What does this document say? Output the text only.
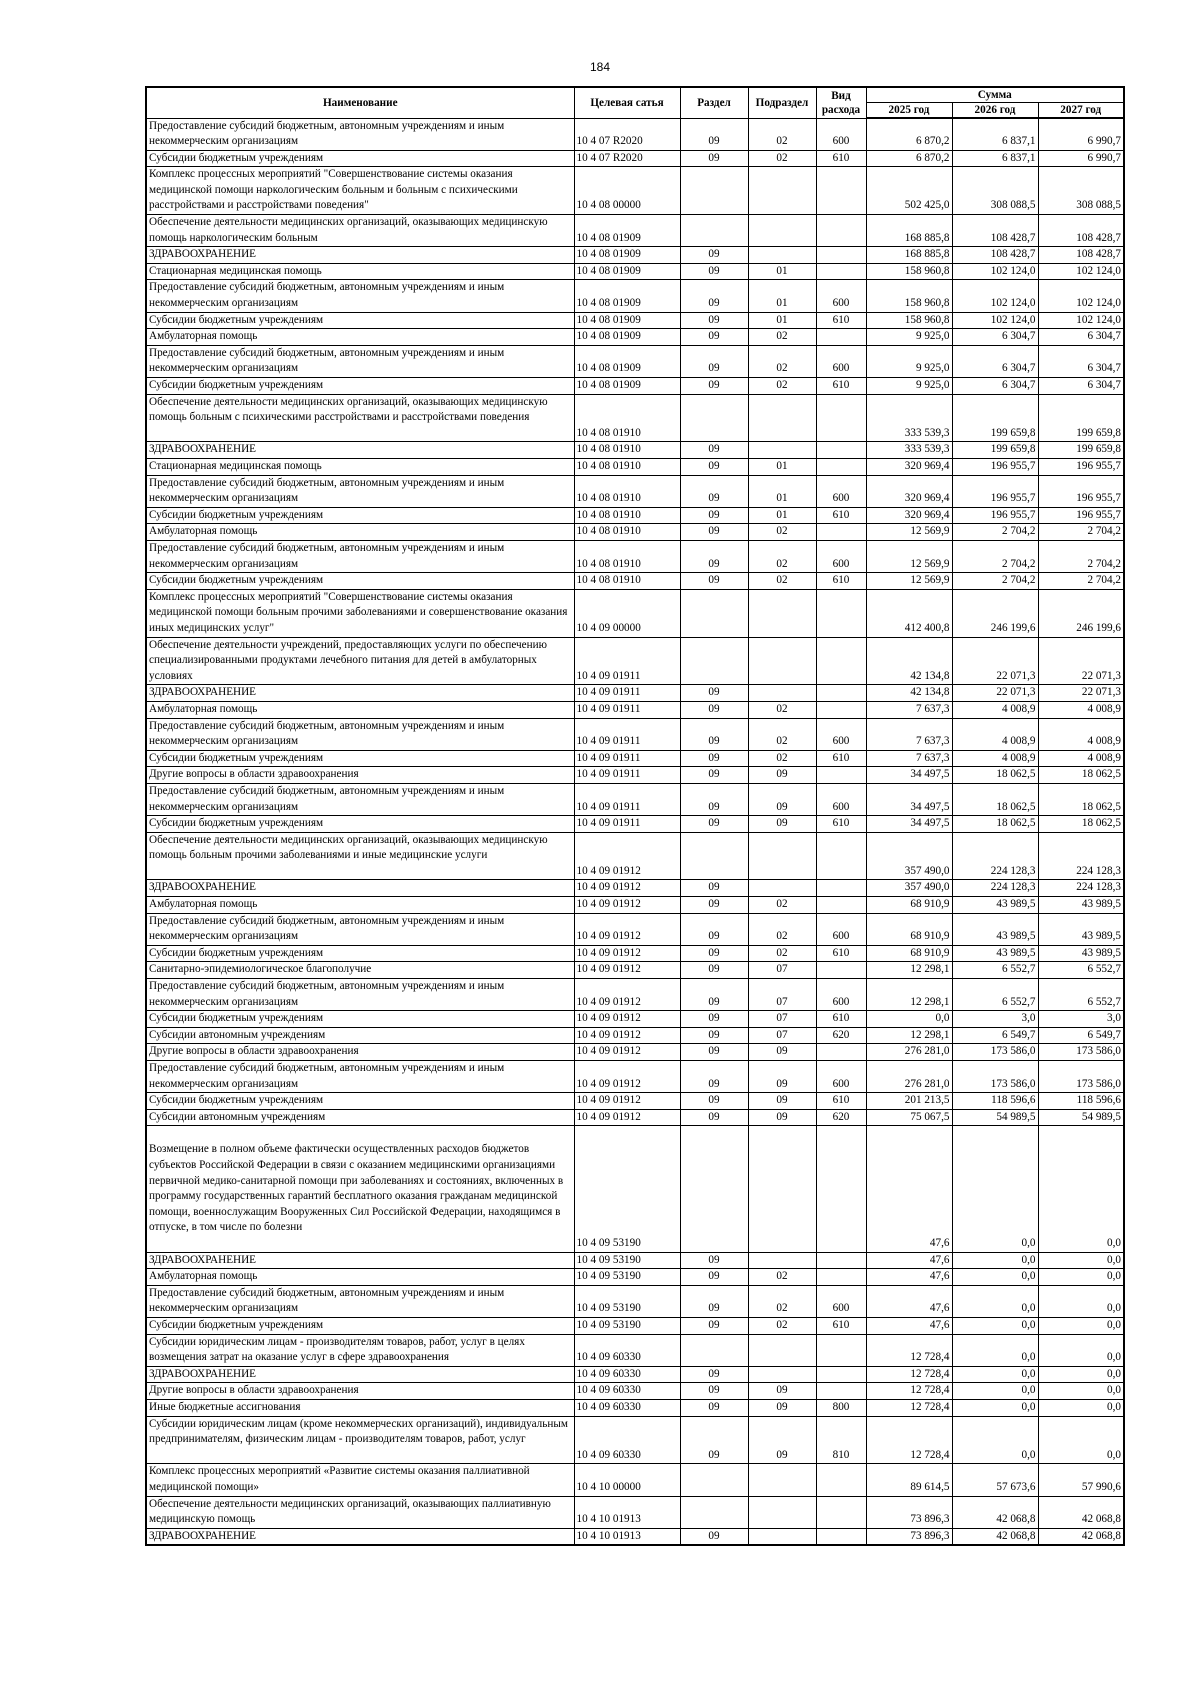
184
Наименование	Целевая сатья	Раздел	Подраздел	Вид расхода	Сумма		
					2025 год	2026 год	2027 год
Предоставление субсидий бюджетным, автономным учреждениям и иным некоммерческим организациям	10 4 07 R2020	09	02	600	6 870,2	6 837,1	6 990,7
Субсидии бюджетным учреждениям	10 4 07 R2020	09	02	610	6 870,2	6 837,1	6 990,7
Комплекс процессных мероприятий "Совершенствование системы оказания медицинской помощи наркологическим больным и больным с психическими расстройствами и расстройствами поведения"	10 4 08 00000				502 425,0	308 088,5	308 088,5
Обеспечение деятельности медицинских организаций, оказывающих медицинскую помощь наркологическим больным	10 4 08 01909				168 885,8	108 428,7	108 428,7
ЗДРАВООХРАНЕНИЕ	10 4 08 01909	09			168 885,8	108 428,7	108 428,7
Стационарная медицинская помощь	10 4 08 01909	09	01		158 960,8	102 124,0	102 124,0
Предоставление субсидий бюджетным, автономным учреждениям и иным некоммерческим организациям	10 4 08 01909	09	01	600	158 960,8	102 124,0	102 124,0
Субсидии бюджетным учреждениям	10 4 08 01909	09	01	610	158 960,8	102 124,0	102 124,0
Амбулаторная помощь	10 4 08 01909	09	02		9 925,0	6 304,7	6 304,7
Предоставление субсидий бюджетным, автономным учреждениям и иным некоммерческим организациям	10 4 08 01909	09	02	600	9 925,0	6 304,7	6 304,7
Субсидии бюджетным учреждениям	10 4 08 01909	09	02	610	9 925,0	6 304,7	6 304,7
Обеспечение деятельности медицинских организаций, оказывающих медицинскую помощь больным с психическими расстройствами и расстройствами поведения	10 4 08 01910				333 539,3	199 659,8	199 659,8
ЗДРАВООХРАНЕНИЕ	10 4 08 01910	09			333 539,3	199 659,8	199 659,8
Стационарная медицинская помощь	10 4 08 01910	09	01		320 969,4	196 955,7	196 955,7
Предоставление субсидий бюджетным, автономным учреждениям и иным некоммерческим организациям	10 4 08 01910	09	01	600	320 969,4	196 955,7	196 955,7
Субсидии бюджетным учреждениям	10 4 08 01910	09	01	610	320 969,4	196 955,7	196 955,7
Амбулаторная помощь	10 4 08 01910	09	02		12 569,9	2 704,2	2 704,2
Предоставление субсидий бюджетным, автономным учреждениям и иным некоммерческим организациям	10 4 08 01910	09	02	600	12 569,9	2 704,2	2 704,2
Субсидии бюджетным учреждениям	10 4 08 01910	09	02	610	12 569,9	2 704,2	2 704,2
Комплекс процессных мероприятий "Совершенствование системы оказания медицинской помощи больным прочими заболеваниями и совершенствование оказания иных медицинских услуг"	10 4 09 00000				412 400,8	246 199,6	246 199,6
Обеспечение деятельности учреждений, предоставляющих услуги по обеспечению специализированными продуктами лечебного питания для детей в амбулаторных условиях	10 4 09 01911				42 134,8	22 071,3	22 071,3
ЗДРАВООХРАНЕНИЕ	10 4 09 01911	09			42 134,8	22 071,3	22 071,3
Амбулаторная помощь	10 4 09 01911	09	02		7 637,3	4 008,9	4 008,9
Предоставление субсидий бюджетным, автономным учреждениям и иным некоммерческим организациям	10 4 09 01911	09	02	600	7 637,3	4 008,9	4 008,9
Субсидии бюджетным учреждениям	10 4 09 01911	09	02	610	7 637,3	4 008,9	4 008,9
Другие вопросы в области здравоохранения	10 4 09 01911	09	09		34 497,5	18 062,5	18 062,5
Предоставление субсидий бюджетным, автономным учреждениям и иным некоммерческим организациям	10 4 09 01911	09	09	600	34 497,5	18 062,5	18 062,5
Субсидии бюджетным учреждениям	10 4 09 01911	09	09	610	34 497,5	18 062,5	18 062,5
Обеспечение деятельности медицинских организаций, оказывающих медицинскую помощь больным прочими заболеваниями и иные медицинские услуги	10 4 09 01912				357 490,0	224 128,3	224 128,3
ЗДРАВООХРАНЕНИЕ	10 4 09 01912	09			357 490,0	224 128,3	224 128,3
Амбулаторная помощь	10 4 09 01912	09	02		68 910,9	43 989,5	43 989,5
Предоставление субсидий бюджетным, автономным учреждениям и иным некоммерческим организациям	10 4 09 01912	09	02	600	68 910,9	43 989,5	43 989,5
Субсидии бюджетным учреждениям	10 4 09 01912	09	02	610	68 910,9	43 989,5	43 989,5
Санитарно-эпидемиологическое благополучие	10 4 09 01912	09	07		12 298,1	6 552,7	6 552,7
Предоставление субсидий бюджетным, автономным учреждениям и иным некоммерческим организациям	10 4 09 01912	09	07	600	12 298,1	6 552,7	6 552,7
Субсидии бюджетным учреждениям	10 4 09 01912	09	07	610	0,0	3,0	3,0
Субсидии автономным учреждениям	10 4 09 01912	09	07	620	12 298,1	6 549,7	6 549,7
Другие вопросы в области здравоохранения	10 4 09 01912	09	09		276 281,0	173 586,0	173 586,0
Предоставление субсидий бюджетным, автономным учреждениям и иным некоммерческим организациям	10 4 09 01912	09	09	600	276 281,0	173 586,0	173 586,0
Субсидии бюджетным учреждениям	10 4 09 01912	09	09	610	201 213,5	118 596,6	118 596,6
Субсидии автономным учреждениям	10 4 09 01912	09	09	620	75 067,5	54 989,5	54 989,5
Возмещение в полном объеме фактически осуществленных расходов бюджетов субъектов Российской Федерации в связи с оказанием медицинскими организациями первичной медико-санитарной помощи при заболеваниях и состояниях, включенных в программу государственных гарантий бесплатного оказания гражданам медицинской помощи, военнослужащим Вооруженных Сил Российской Федерации, находящимся в отпуске, в том числе по болезни	10 4 09 53190				47,6	0,0	0,0
ЗДРАВООХРАНЕНИЕ	10 4 09 53190	09			47,6	0,0	0,0
Амбулаторная помощь	10 4 09 53190	09	02		47,6	0,0	0,0
Предоставление субсидий бюджетным, автономным учреждениям и иным некоммерческим организациям	10 4 09 53190	09	02	600	47,6	0,0	0,0
Субсидии бюджетным учреждениям	10 4 09 53190	09	02	610	47,6	0,0	0,0
Субсидии юридическим лицам - производителям товаров, работ, услуг в целях возмещения затрат на оказание услуг в сфере здравоохранения	10 4 09 60330				12 728,4	0,0	0,0
ЗДРАВООХРАНЕНИЕ	10 4 09 60330	09			12 728,4	0,0	0,0
Другие вопросы в области здравоохранения	10 4 09 60330	09	09		12 728,4	0,0	0,0
Иные бюджетные ассигнования	10 4 09 60330	09	09	800	12 728,4	0,0	0,0
Субсидии юридическим лицам (кроме некоммерческих организаций), индивидуальным предпринимателям, физическим лицам - производителям товаров, работ, услуг	10 4 09 60330	09	09	810	12 728,4	0,0	0,0
Комплекс процессных мероприятий «Развитие системы оказания паллиативной медицинской помощи»	10 4 10 00000				89 614,5	57 673,6	57 990,6
Обеспечение деятельности медицинских организаций, оказывающих паллиативную медицинскую помощь	10 4 10 01913				73 896,3	42 068,8	42 068,8
ЗДРАВООХРАНЕНИЕ	10 4 10 01913	09			73 896,3	42 068,8	42 068,8
